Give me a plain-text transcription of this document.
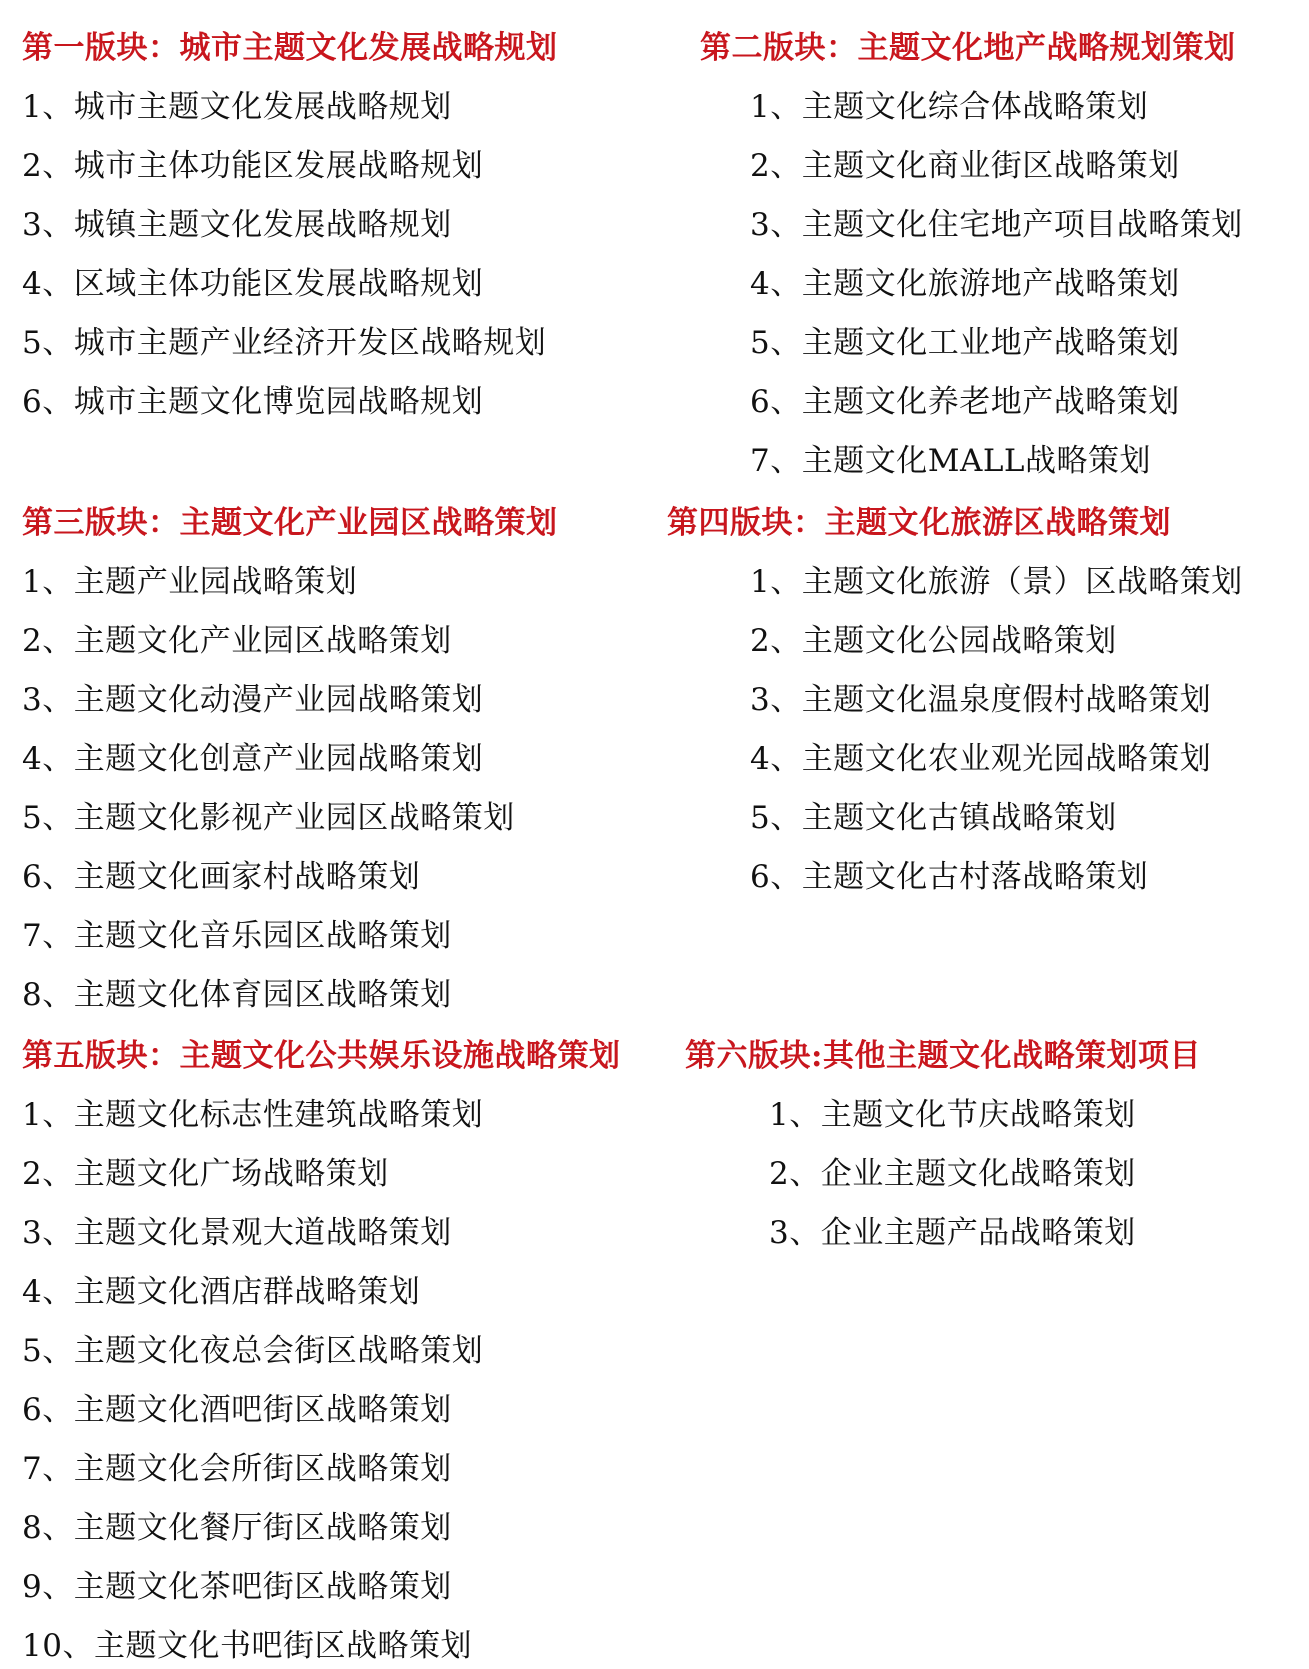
第一版块：城市主题文化发展战略规划
1、城市主题文化发展战略规划
2、城市主体功能区发展战略规划
3、城镇主题文化发展战略规划
4、区域主体功能区发展战略规划
5、城市主题产业经济开发区战略规划
6、城市主题文化博览园战略规划
第二版块：主题文化地产战略规划策划
1、主题文化综合体战略策划
2、主题文化商业街区战略策划
3、主题文化住宅地产项目战略策划
4、主题文化旅游地产战略策划
5、主题文化工业地产战略策划
6、主题文化养老地产战略策划
7、主题文化MALL战略策划
第三版块：主题文化产业园区战略策划
1、主题产业园战略策划
2、主题文化产业园区战略策划
3、主题文化动漫产业园战略策划
4、主题文化创意产业园战略策划
5、主题文化影视产业园区战略策划
6、主题文化画家村战略策划
7、主题文化音乐园区战略策划
8、主题文化体育园区战略策划
第四版块：主题文化旅游区战略策划
1、主题文化旅游（景）区战略策划
2、主题文化公园战略策划
3、主题文化温泉度假村战略策划
4、主题文化农业观光园战略策划
5、主题文化古镇战略策划
6、主题文化古村落战略策划
第五版块：主题文化公共娱乐设施战略策划
1、主题文化标志性建筑战略策划
2、主题文化广场战略策划
3、主题文化景观大道战略策划
4、主题文化酒店群战略策划
5、主题文化夜总会街区战略策划
6、主题文化酒吧街区战略策划
7、主题文化会所街区战略策划
8、主题文化餐厅街区战略策划
9、主题文化茶吧街区战略策划
10、主题文化书吧街区战略策划
第六版块:其他主题文化战略策划项目
1、主题文化节庆战略策划
2、企业主题文化战略策划
3、企业主题产品战略策划
